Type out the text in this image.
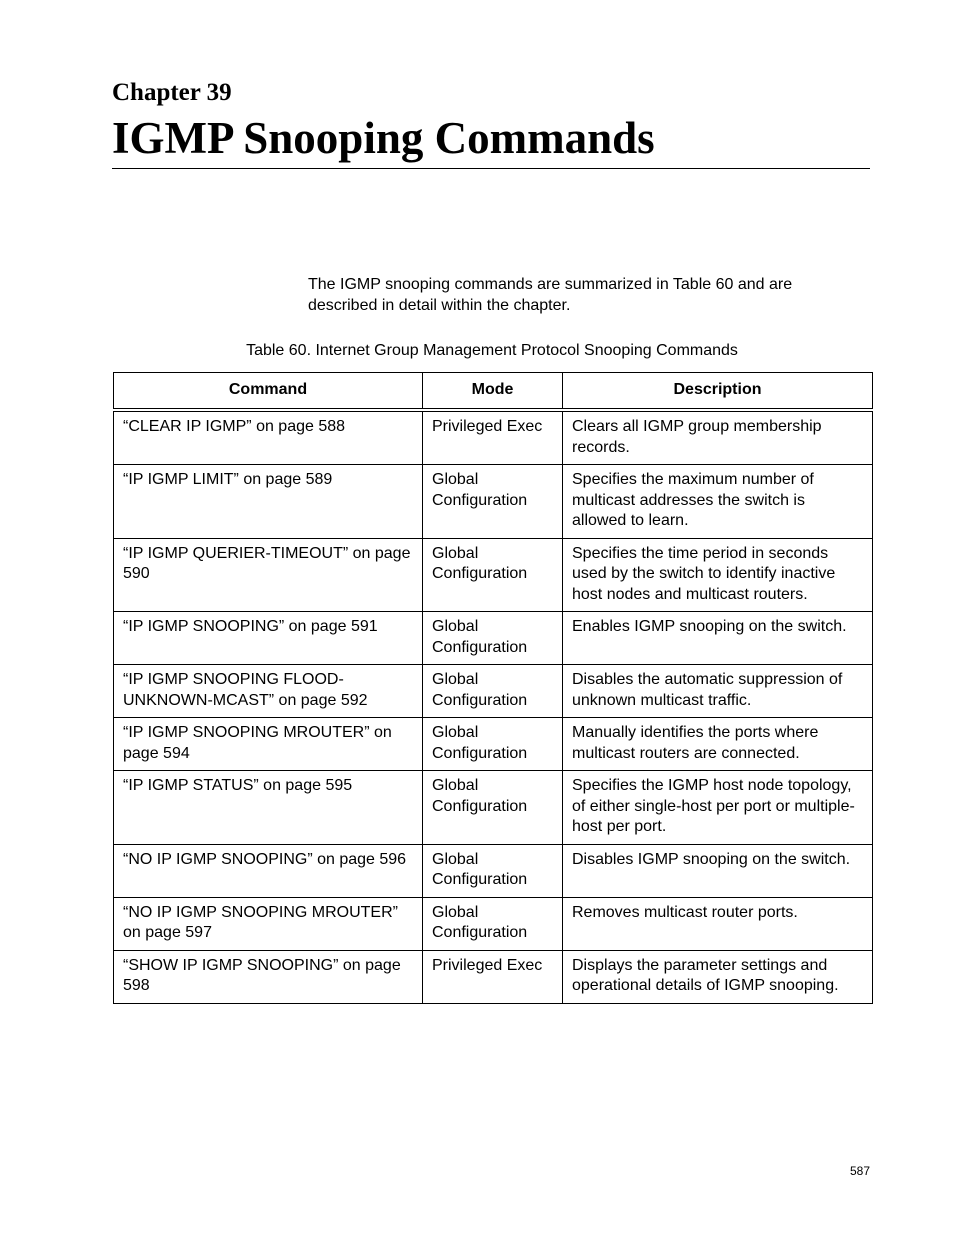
Chapter 39
IGMP Snooping Commands

The IGMP snooping commands are summarized in Table 60 and are described in detail within the chapter.

Table 60. Internet Group Management Protocol Snooping Commands

Command	Mode	Description
“CLEAR IP IGMP” on page 588	Privileged Exec	Clears all IGMP group membership records.
“IP IGMP LIMIT” on page 589	Global Configuration	Specifies the maximum number of multicast addresses the switch is allowed to learn.
“IP IGMP QUERIER-TIMEOUT” on page 590	Global Configuration	Specifies the time period in seconds used by the switch to identify inactive host nodes and multicast routers.
“IP IGMP SNOOPING” on page 591	Global Configuration	Enables IGMP snooping on the switch.
“IP IGMP SNOOPING FLOOD-UNKNOWN-MCAST” on page 592	Global Configuration	Disables the automatic suppression of unknown multicast traffic.
“IP IGMP SNOOPING MROUTER” on page 594	Global Configuration	Manually identifies the ports where multicast routers are connected.
“IP IGMP STATUS” on page 595	Global Configuration	Specifies the IGMP host node topology, of either single-host per port or multiple-host per port.
“NO IP IGMP SNOOPING” on page 596	Global Configuration	Disables IGMP snooping on the switch.
“NO IP IGMP SNOOPING MROUTER” on page 597	Global Configuration	Removes multicast router ports.
“SHOW IP IGMP SNOOPING” on page 598	Privileged Exec	Displays the parameter settings and operational details of IGMP snooping.

587
